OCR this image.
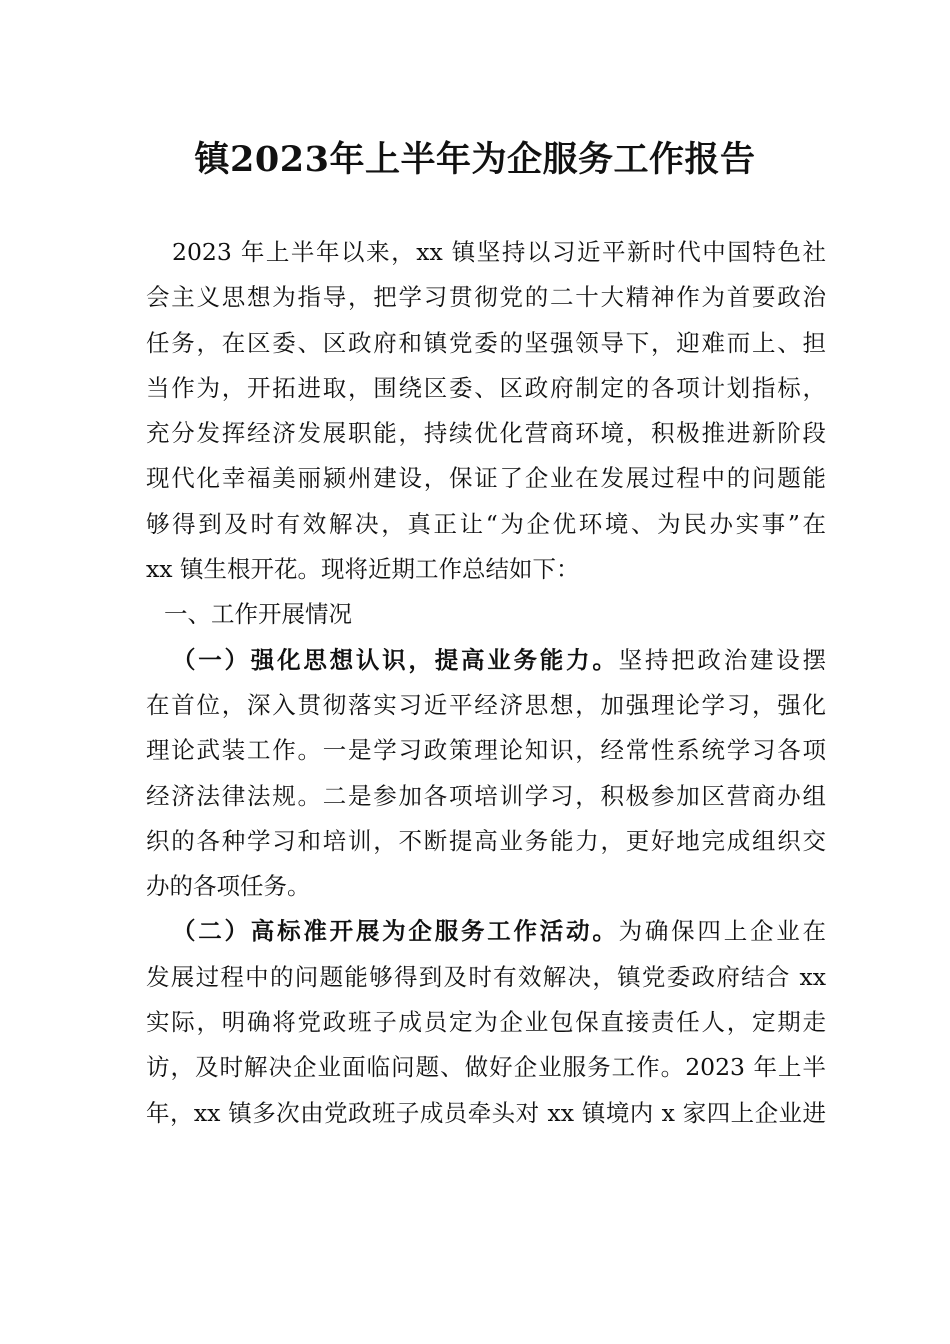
镇2023年上半年为企服务工作报告
2023 年上半年以来，xx 镇坚持以习近平新时代中国特色社
会主义思想为指导，把学习贯彻党的二十大精神作为首要政治
任务，在区委、区政府和镇党委的坚强领导下，迎难而上、担
当作为，开拓进取，围绕区委、区政府制定的各项计划指标，
充分发挥经济发展职能，持续优化营商环境，积极推进新阶段
现代化幸福美丽颍州建设，保证了企业在发展过程中的问题能
够得到及时有效解决，真正让“为企优环境、为民办实事”在
xx 镇生根开花。现将近期工作总结如下：
一、工作开展情况
（一）强化思想认识，提高业务能力。坚持把政治建设摆
在首位，深入贯彻落实习近平经济思想，加强理论学习，强化
理论武装工作。一是学习政策理论知识，经常性系统学习各项
经济法律法规。二是参加各项培训学习，积极参加区营商办组
织的各种学习和培训，不断提高业务能力，更好地完成组织交
办的各项任务。
（二）高标准开展为企服务工作活动。为确保四上企业在
发展过程中的问题能够得到及时有效解决，镇党委政府结合 xx
实际，明确将党政班子成员定为企业包保直接责任人，定期走
访，及时解决企业面临问题、做好企业服务工作。2023 年上半
年，xx 镇多次由党政班子成员牵头对 xx 镇境内 x 家四上企业进
